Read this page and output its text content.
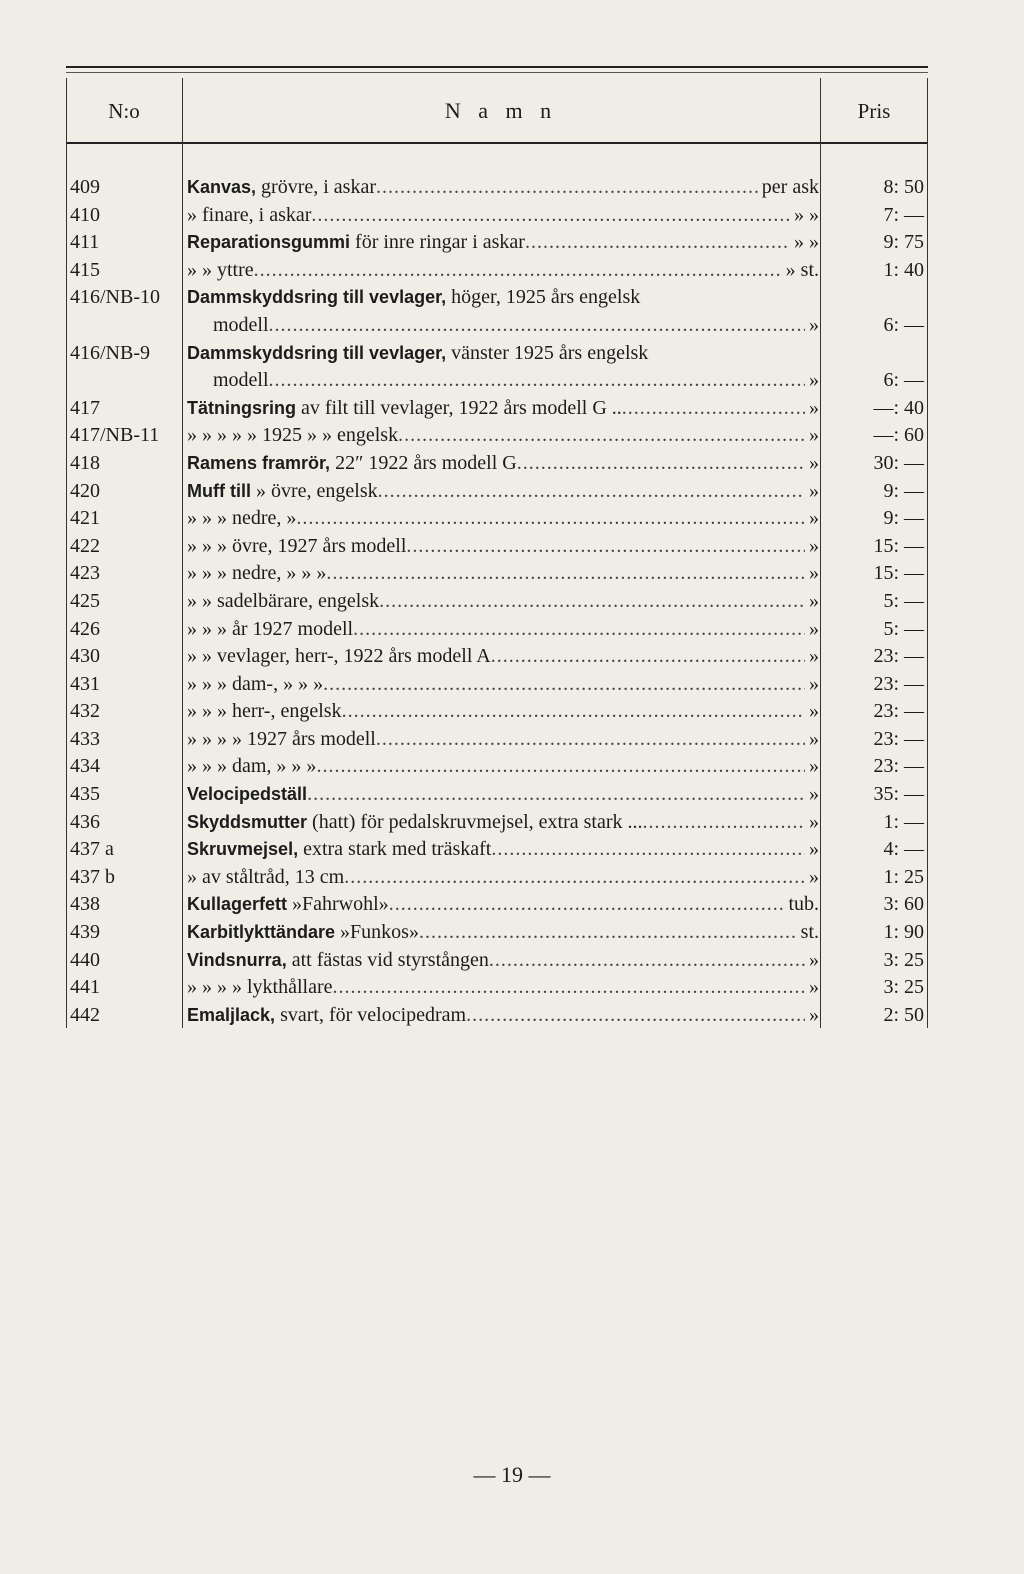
N:o	N a m n	Pris
409	Kanvas, grövre, i askar .....	per ask	8: 50
410	» finare, i askar .....	» »	7: —
411	Reparationsgummi för inre ringar i askar .....	» »	9: 75
415	» » yttre .....	» st.	1: 40
416/NB-10	Dammskyddsring till vevlager, höger, 1925 års engelsk
modell .....	»	6: —
416/NB-9	Dammskyddsring till vevlager, vänster 1925 års engelsk
modell .....	»	6: —
417	Tätningsring av filt till vevlager, 1922 års modell G .. .....	»	—: 40
417/NB-11	» » » » » 1925 » » engelsk .....	»	—: 60
418	Ramens framrör, 22″ 1922 års modell G .....	»	30: —
420	Muff till » övre, engelsk .....	»	9: —
421	» » » nedre, » .....	»	9: —
422	» » » övre, 1927 års modell .....	»	15: —
423	» » » nedre, » » » .....	»	15: —
425	» » sadelbärare, engelsk .....	»	5: —
426	» » » år 1927 modell .....	»	5: —
430	» » vevlager, herr-, 1922 års modell A .....	»	23: —
431	» » » dam-, » » » .....	»	23: —
432	» » » herr-, engelsk .....	»	23: —
433	» » » » 1927 års modell .....	»	23: —
434	» » » dam, » » » .....	»	23: —
435	Velocipedställ .....	»	35: —
436	Skyddsmutter (hatt) för pedalskruvmejsel, extra stark ... .....	»	1: —
437 a	Skruvmejsel, extra stark med träskaft .....	»	4: —
437 b	» av ståltråd, 13 cm .....	»	1: 25
438	Kullagerfett »Fahrwohl» .....	tub.	3: 60
439	Karbitlykttändare »Funkos» .....	st.	1: 90
440	Vindsnurra, att fästas vid styrstången .....	»	3: 25
441	» » » » lykthållare .....	»	3: 25
442	Emaljlack, svart, för velocipedram .....	»	2: 50
— 19 —
